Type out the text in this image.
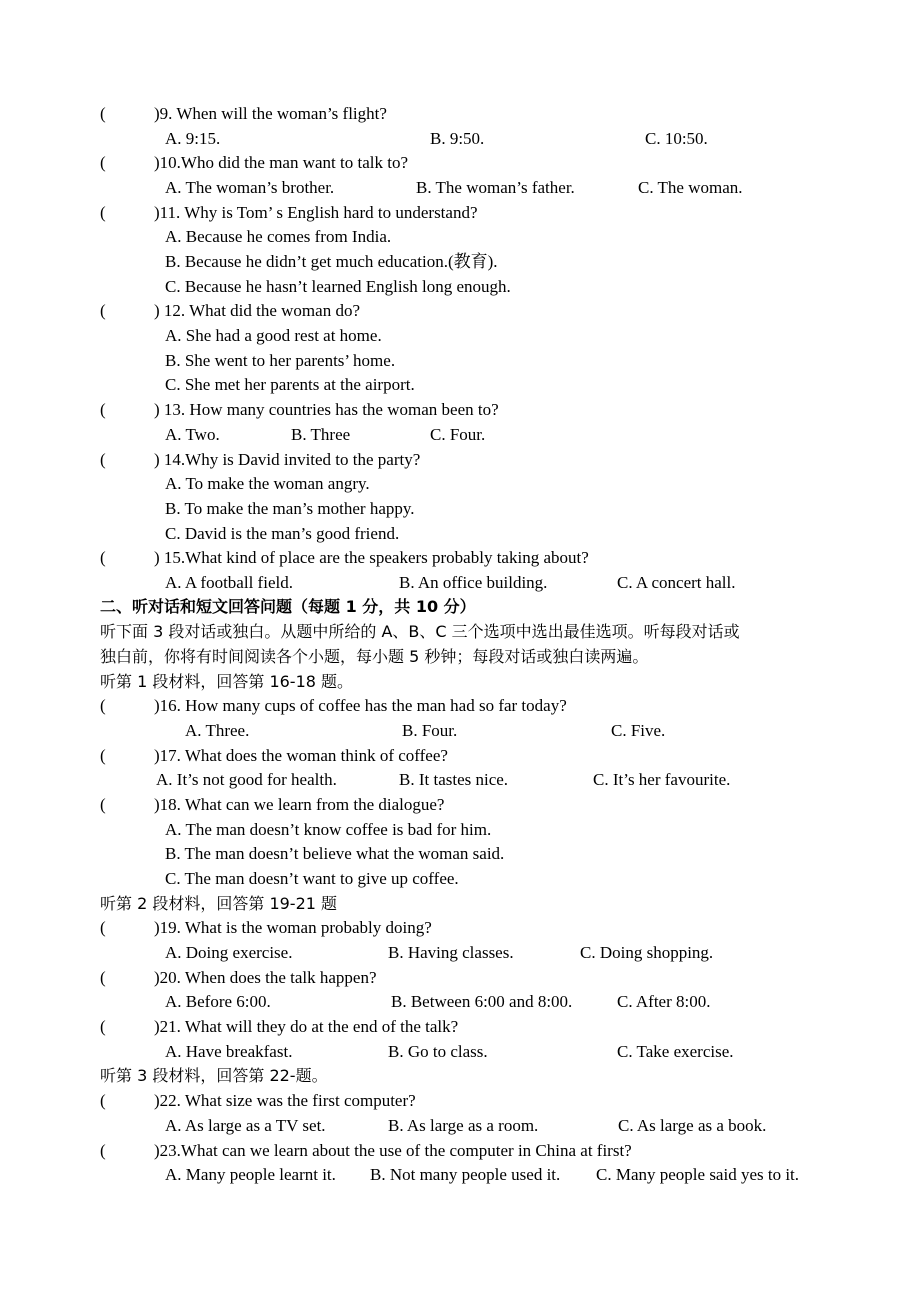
(	)9. When will the woman’s flight?
A. 9:15.	B. 9:50.	C. 10:50.
(	)10.Who did the man want to talk to?
A. The woman’s brother.	B. The woman’s father.	C. The woman.
(	)11. Why is Tom’ s English hard to understand?
A. Because he comes from India.
B. Because he didn’t get much education.(教育).
C. Because he hasn’t learned English long enough.
(	) 12. What did the woman do?
A. She had a good rest at home.
B. She went to her parents’ home.
C. She met her parents at the airport.
(	) 13. How many countries has the woman been to?
A. Two.	B. Three	C. Four.
(	) 14.Why is David invited to the party?
A. To make the woman angry.
B. To make the man’s mother happy.
C. David is the man’s good friend.
(	) 15.What kind of place are the speakers probably taking about?
A. A football field.	B. An office building.	C. A concert hall.
二、听对话和短文回答问题（每题 1 分，共 10 分）
听下面 3 段对话或独白。从题中所给的 A、B、C 三个选项中选出最佳选项。听每段对话或
独白前，你将有时间阅读各个小题，每小题 5 秒钟；每段对话或独白读两遍。
听第 1 段材料，回答第 16-18 题。
(	)16. How many cups of coffee has the man had so far today?
A. Three.	B. Four.	C. Five.
(	)17. What does the woman think of coffee?
A. It’s not good for health.	B. It tastes nice.	C. It’s her favourite.
(	)18. What can we learn from the dialogue?
A. The man doesn’t know coffee is bad for him.
B. The man doesn’t believe what the woman said.
C. The man doesn’t want to give up coffee.
听第 2 段材料，回答第 19-21 题
(	)19. What is the woman probably doing?
A. Doing exercise.	B. Having classes.	C. Doing shopping.
(	)20. When does the talk happen?
A. Before 6:00.	B. Between 6:00 and 8:00.	C. After 8:00.
(	)21. What will they do at the end of the talk?
A. Have breakfast.	B. Go to class.	C. Take exercise.
听第 3 段材料，回答第 22-题。
(	)22. What size was the first computer?
A. As large as a TV set.	B. As large as a room.	C. As large as a book.
(	)23.What can we learn about the use of the computer in China at first?
A. Many people learnt it. B. Not many people used it. C. Many people said yes to it.
